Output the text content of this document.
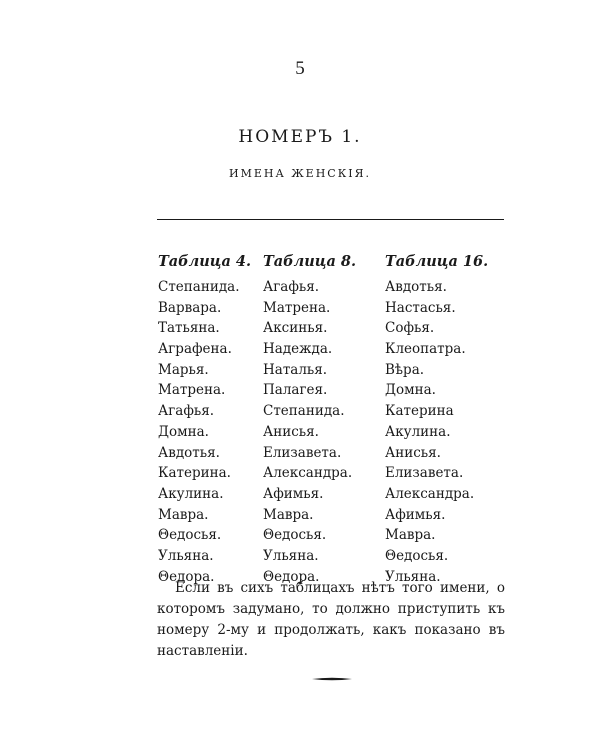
5
НОМЕРЪ 1.
ИМЕНА ЖЕНСКІЯ.
Таблица 4.
Степанида.
Варвара.
Татьяна.
Аграфена.
Марья.
Матрена.
Агафья.
Домна.
Авдотья.
Катерина.
Акулина.
Мавра.
Θедосья.
Ульяна.
Θедора.
Таблица 8.
Агафья.
Матрена.
Аксинья.
Надежда.
Наталья.
Палагея.
Степанида.
Анисья.
Елизавета.
Александра.
Афимья.
Мавра.
Θедосья.
Ульяна.
Θедора.
Таблица 16.
Авдотья.
Настасья.
Софья.
Клеопатра.
Вѣра.
Домна.
Катерина
Акулина.
Анисья.
Елизавета.
Александра.
Афимья.
Мавра.
Θедосья.
Ульяна.
Если въ сихъ таблицахъ нѣтъ того имени, о которомъ задумано, то должно приступить къ номеру 2-му и продолжать, какъ показано въ наставленіи.
